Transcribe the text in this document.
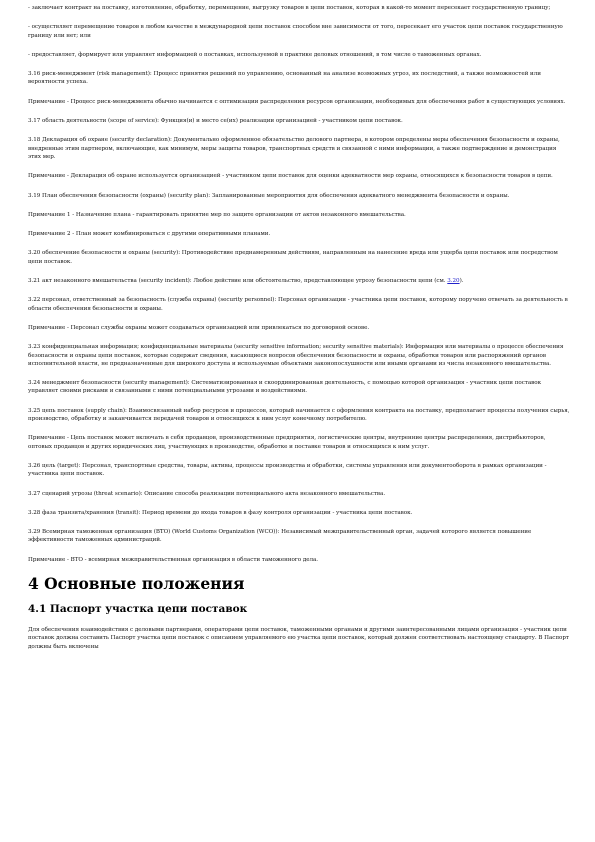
- заключает контракт на поставку, изготовление, обработку, перемещение, выгрузку товаров в цепи поставок, которая в какой-то момент пересекает государственную границу;

- осуществляет перемещение товаров в любом качестве в международной цепи поставок способом вне зависимости от того, пересекает его участок цепи поставок государственную границу или нет; или

- предоставляет, формирует или управляет информацией о поставках, используемой в практике деловых отношений, в том числе о таможенных органах.

3.16 риск-менеджмент (risk management): Процесс принятия решений по управлению, основанный на анализе возможных угроз, их последствий, а также возможностей или вероятности успеха.

Примечание - Процесс риск-менеджмента обычно начинается с оптимизации распределения ресурсов организации, необходимых для обеспечения работ в существующих условиях.

3.17 область деятельности (scope of service): Функция(и) и место се(их) реализации организацией - участником цепи поставок.

3.18 Декларация об охране (security declaration): Документально оформленное обязательство делового партнера, в котором определены меры обеспечения безопасности и охраны, внедренные этим партнером, включающие, как минимум, меры защиты товаров, транспортных средств и связанной с ними информации, а также подтверждение и демонстрация этих мер.

Примечание - Декларация об охране используется организацией - участником цепи поставок для оценки адекватности мер охраны, относящихся к безопасности товаров в цепи.

3.19 План обеспечения безопасности (охраны) (security plan): Запланированные мероприятия для обеспечения адекватного менеджмента безопасности и охраны.

Примечание 1 - Назначение плана - гарантировать принятие мер по защите организации от актов незаконного вмешательства.

Примечание 2 - План может комбинироваться с другими оперативными планами.

3.20 обеспечение безопасности и охраны (security): Противодействие преднамеренным действиям, направленным на нанесение вреда или ущерба цепи поставок или посредством цепи поставок.

3.21 акт незаконного вмешательства (security incident): Любое действие или обстоятельство, представляющее угрозу безопасности цепи (см. 3.20).

3.22 персонал, ответственный за безопасность (служба охраны) (security personnel): Персонал организации - участника цепи поставок, которому поручено отвечать за деятельность в области обеспечения безопасности и охраны.

Примечание - Персонал службы охраны может создаваться организацией или привлекаться по договорной основе.

3.23 конфиденциальная информация; конфиденциальные материалы (security sensitive information; security sensitive materials): Информация или материалы о процессе обеспечения безопасности и охраны цепи поставок, которые содержат сведения, касающиеся вопросов обеспечения безопасности и охраны, обработки товаров или распоряжений органов исполнительной власти, не предназначенные для широкого доступа и используемые объектами законопослушности или иными органами из числа незаконного вмешательства.

3.24 менеджмент безопасности (security management): Систематизированная и скоординированная деятельность, с помощью которой организация - участник цепи поставок управляет своими рисками и связанными с ними потенциальными угрозами и воздействиями.

3.25 цепь поставок (supply chain): Взаимосвязанный набор ресурсов и процессов, который начинается с оформления контракта на поставку, предполагает процессы получения сырья, производство, обработку и заканчивается передачей товаров и относящихся к ним услуг конечному потребителю.

Примечание - Цепь поставок может включать в себя продавцов, производственные предприятия, логистические центры, внутренние центры распределения, дистрибьюторов, оптовых продавцов и других юридических лиц, участвующих в производстве, обработке и поставке товаров и относящихся к ним услуг.

3.26 цель (target): Персонал, транспортные средства, товары, активы, процессы производства и обработки, системы управления или документооборота в рамках организации - участника цепи поставок.

3.27 сценарий угрозы (threat scenario): Описание способа реализации потенциального акта незаконного вмешательства.

3.28 фаза транзита/хранения (transit): Период времени до входа товаров в фазу контроля организации - участника цепи поставок.

3.29 Всемирная таможенная организация (ВТО) (World Customs Organization (WCO)): Независимый межправительственный орган, задачей которого является повышение эффективности таможенных администраций.

Примечание - ВТО - всемирная межправительственная организация в области таможенного дела.

4 Основные положения
4.1 Паспорт участка цепи поставок

Для обеспечения взаимодействия с деловыми партнерами, операторами цепи поставок, таможенными органами и другими заинтересованными лицами организация - участник цепи поставок должна составить Паспорт участка цепи поставок с описанием управляемого ею участка цепи поставок, который должен соответствовать настоящему стандарту. В Паспорт должны быть включены
